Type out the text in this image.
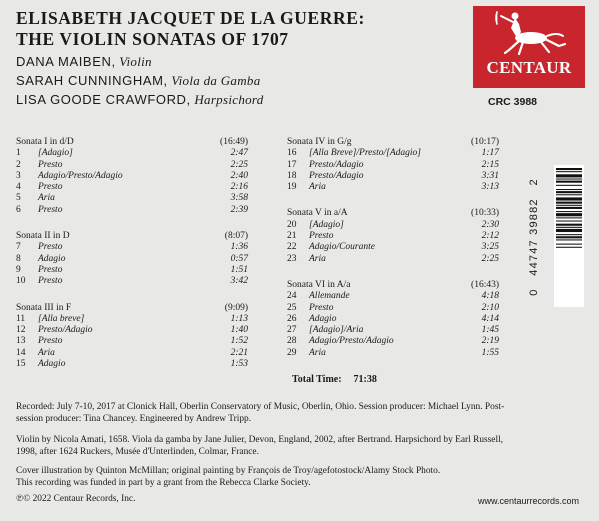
ELISABETH JACQUET DE LA GUERRE:
THE VIOLIN SONATAS OF 1707
DANA MAIBEN, Violin
SARAH CUNNINGHAM, Viola da Gamba
LISA GOODE CRAWFORD, Harpsichord
CENTAUR
CRC 3988
Sonata I in d/D	(16:49)
1 [Adagio]	2:47
2 Presto	2:25
3 Adagio/Presto/Adagio	2:40
4 Presto	2:16
5 Aria	3:58
6 Presto	2:39
Sonata II in D	(8:07)
7 Presto	1:36
8 Adagio	0:57
9 Presto	1:51
10 Presto	3:42
Sonata III in F	(9:09)
11 [Alla breve]	1:13
12 Presto/Adagio	1:40
13 Presto	1:52
14 Aria	2:21
15 Adagio	1:53
Sonata IV in G/g	(10:17)
16 [Alla Breve]/Presto/[Adagio]	1:17
17 Presto/Adagio	2:15
18 Presto/Adagio	3:31
19 Aria	3:13
Sonata V in a/A	(10:33)
20 [Adagio]	2:30
21 Presto	2:12
22 Adagio/Courante	3:25
23 Aria	2:25
Sonata VI in A/a	(16:43)
24 Allemande	4:18
25 Presto	2:10
26 Adagio	4:14
27 [Adagio]/Aria	1:45
28 Adagio/Presto/Adagio	2:19
29 Aria	1:55
Total Time: 71:38
0   44747 39882   2
Recorded: July 7-10, 2017 at Clonick Hall, Oberlin Conservatory of Music, Oberlin, Ohio. Session producer: Michael Lynn. Post-
session producer: Tina Chancey. Engineered by Andrew Tripp.
Violin by Nicola Amati, 1658. Viola da gamba by Jane Julier, Devon, England, 2002, after Bertrand. Harpsichord by Earl Russell,
1998, after 1624 Ruckers, Musée d'Unterlinden, Colmar, France.
Cover illustration by Quinton McMillan; original painting by François de Troy/agefotostock/Alamy Stock Photo.
This recording was funded in part by a grant from the Rebecca Clarke Society.
℗© 2022 Centaur Records, Inc.	www.centaurrecords.com
